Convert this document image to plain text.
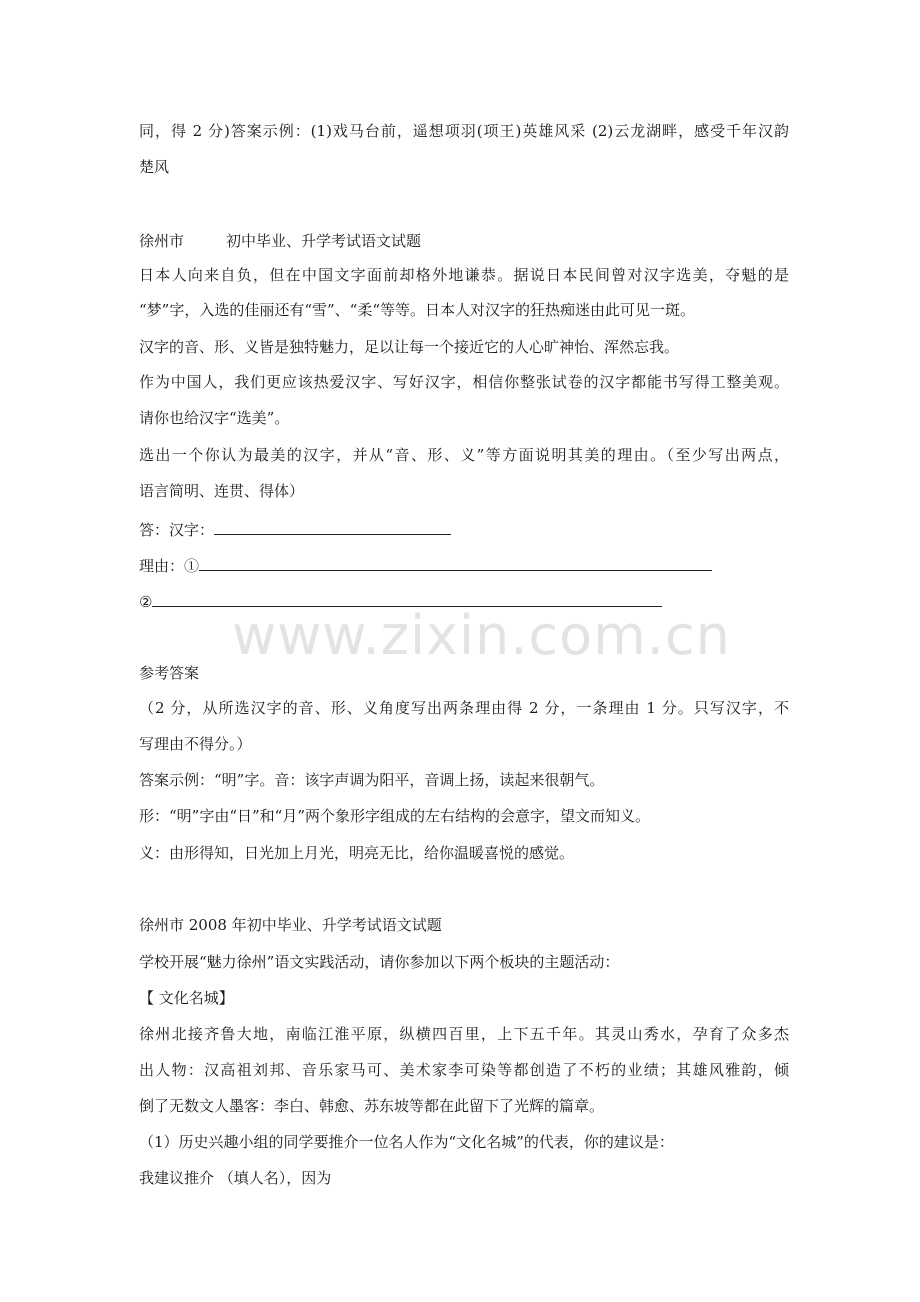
www.zixin.com.cn
同，得 2 分)答案示例：(1)戏马台前，遥想项羽(项王)英雄风采 (2)云龙湖畔，感受千年汉韵
楚风
徐州市	初中毕业、升学考试语文试题
日本人向来自负，但在中国文字面前却格外地谦恭。据说日本民间曾对汉字选美，夺魁的是
“梦”字，入选的佳丽还有“雪”、“柔“等等。日本人对汉字的狂热痴迷由此可见一斑。
汉字的音、形、义皆是独特魅力，足以让每一个接近它的人心旷神怡、浑然忘我。
作为中国人，我们更应该热爱汉字、写好汉字，相信你整张试卷的汉字都能书写得工整美观。
请你也给汉字“选美”。
选出一个你认为最美的汉字，并从“音、形、义”等方面说明其美的理由。（至少写出两点，
语言简明、连贯、得体）
答：汉字：
理由：①
②
参考答案
（2 分，从所选汉字的音、形、义角度写出两条理由得 2 分，一条理由 1 分。只写汉字，不
写理由不得分。）
答案示例：“明”字。音：该字声调为阳平，音调上扬，读起来很朝气。
形：“明”字由“日”和“月”两个象形字组成的左右结构的会意字，望文而知义。
义：由形得知，日光加上月光，明亮无比，给你温暖喜悦的感觉。
徐州市 2008 年初中毕业、升学考试语文试题
学校开展“魅力徐州”语文实践活动，请你参加以下两个板块的主题活动：
【 文化名城】
徐州北接齐鲁大地，南临江淮平原，纵横四百里，上下五千年。其灵山秀水，孕育了众多杰
出人物：汉高祖刘邦、音乐家马可、美术家李可染等都创造了不朽的业绩；其雄风雅韵，倾
倒了无数文人墨客：李白、韩愈、苏东坡等都在此留下了光辉的篇章。
（1）历史兴趣小组的同学要推介一位名人作为“文化名城”的代表，你的建议是：
我建议推介 （填人名），因为
